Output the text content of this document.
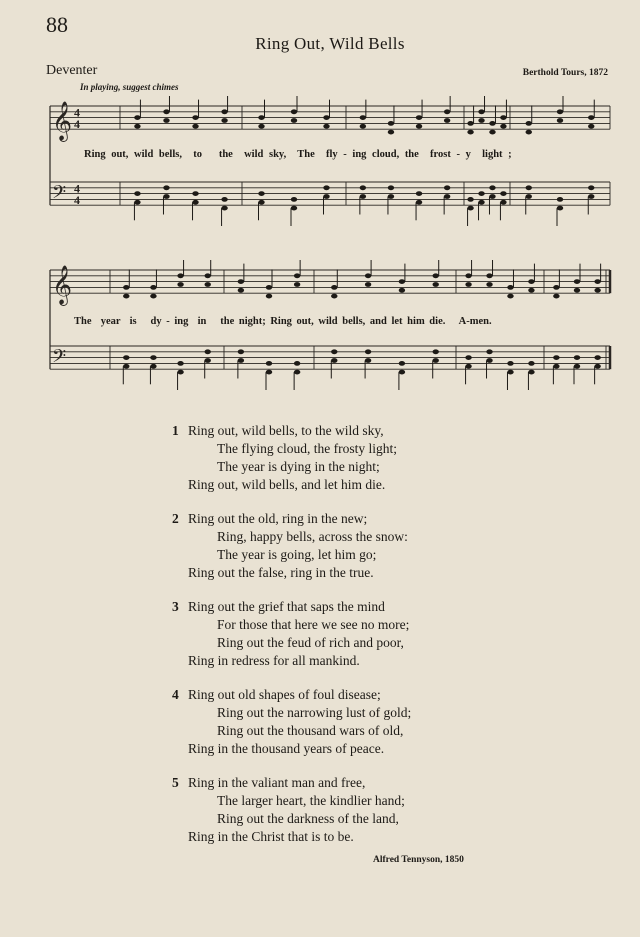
88
Ring Out, Wild Bells
Deventer	Berthold Tours, 1872
In playing, suggest chimes
𝄞
𝄢
4
4
4
4
Ring out, wild bells,  to   the  wild sky,  The  fly - ing cloud, the  frost - y  light ;
𝄞
𝄢
The  year  is   dy - ing  in   the night; Ring out, wild bells, and let him die.   A-men.
1 Ring out, wild bells, to the wild sky,
The flying cloud, the frosty light;
The year is dying in the night;
Ring out, wild bells, and let him die.
2 Ring out the old, ring in the new;
Ring, happy bells, across the snow:
The year is going, let him go;
Ring out the false, ring in the true.
3 Ring out the grief that saps the mind
For those that here we see no more;
Ring out the feud of rich and poor,
Ring in redress for all mankind.
4 Ring out old shapes of foul disease;
Ring out the narrowing lust of gold;
Ring out the thousand wars of old,
Ring in the thousand years of peace.
5 Ring in the valiant man and free,
The larger heart, the kindlier hand;
Ring out the darkness of the land,
Ring in the Christ that is to be.
Alfred Tennyson, 1850
